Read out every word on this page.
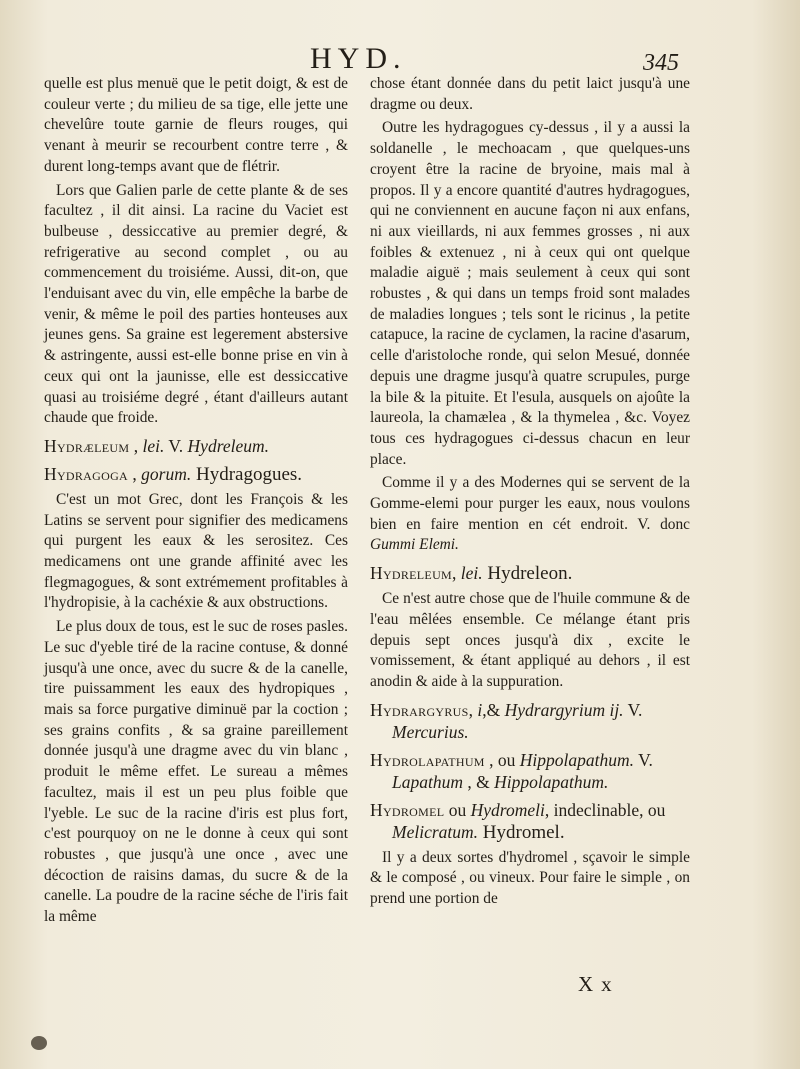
HYD.	345

quelle est plus menuë que le petit doigt, & est de couleur verte ; du milieu de sa tige, elle jette une chevelûre toute garnie de fleurs rouges, qui venant à meurir se recourbent contre terre , & durent long-temps avant que de flétrir.

Lors que Galien parle de cette plante & de ses facultez , il dit ainsi. La racine du Vaciet est bulbeuse , dessiccative au premier degré, & refrigerative au second complet , ou au commencement du troisiéme. Aussi, dit-on, que l'enduisant avec du vin, elle empêche la barbe de venir, & même le poil des parties honteuses aux jeunes gens. Sa graine est legerement abstersive & astringente, aussi est-elle bonne prise en vin à ceux qui ont la jaunisse, elle est dessiccative quasi au troisiéme degré , étant d'ailleurs autant chaude que froide.

Hydræleum , lei. V. Hydreleum.

Hydragoga , gorum. Hydragogues.

C'est un mot Grec, dont les François & les Latins se servent pour signifier des medicamens qui purgent les eaux & les serositez. Ces medicamens ont une grande affinité avec les flegmagogues, & sont extrémement profitables à l'hydropisie, à la cachéxie & aux obstructions.

Le plus doux de tous, est le suc de roses pasles. Le suc d'yeble tiré de la racine contuse, & donné jusqu'à une once, avec du sucre & de la canelle, tire puissamment les eaux des hydropiques , mais sa force purgative diminuë par la coction ; ses grains confits , & sa graine pareillement donnée jusqu'à une dragme avec du vin blanc , produit le même effet. Le sureau a mêmes facultez, mais il est un peu plus foible que l'yeble. Le suc de la racine d'iris est plus fort, c'est pourquoy on ne le donne à ceux qui sont robustes , que jusqu'à une once , avec une décoction de raisins damas, du sucre & de la canelle. La poudre de la racine séche de l'iris fait la même

chose étant donnée dans du petit laict jusqu'à une dragme ou deux.

Outre les hydragogues cy-dessus , il y a aussi la soldanelle , le mechoacam , que quelques-uns croyent être la racine de bryoine, mais mal à propos. Il y a encore quantité d'autres hydragogues, qui ne conviennent en aucune façon ni aux enfans, ni aux vieillards, ni aux femmes grosses , ni aux foibles & extenuez , ni à ceux qui ont quelque maladie aiguë ; mais seulement à ceux qui sont robustes , & qui dans un temps froid sont malades de maladies longues ; tels sont le ricinus , la petite catapuce, la racine de cyclamen, la racine d'asarum, celle d'aristoloche ronde, qui selon Mesué, donnée depuis une dragme jusqu'à quatre scrupules, purge la bile & la pituite. Et l'esula, ausquels on ajoûte la laureola, la chamælea , & la thymelea , &c. Voyez tous ces hydragogues ci-dessus chacun en leur place.

Comme il y a des Modernes qui se servent de la Gomme-elemi pour purger les eaux, nous voulons bien en faire mention en cét endroit. V. donc Gummi Elemi.

Hydreleum, lei. Hydreleon.

Ce n'est autre chose que de l'huile commune & de l'eau mêlées ensemble. Ce mélange étant pris depuis sept onces jusqu'à dix , excite le vomissement, & étant appliqué au dehors , il est anodin & aide à la suppuration.

Hydrargyrus, i,& Hydrargyrium ij. V. Mercurius.

Hydrolapathum , ou Hippolapathum. V. Lapathum , & Hippolapathum.

Hydromel ou Hydromeli, indeclinable, ou Melicratum. Hydromel.

Il y a deux sortes d'hydromel , sçavoir le simple & le composé , ou vineux. Pour faire le simple , on prend une portion de

Xx
